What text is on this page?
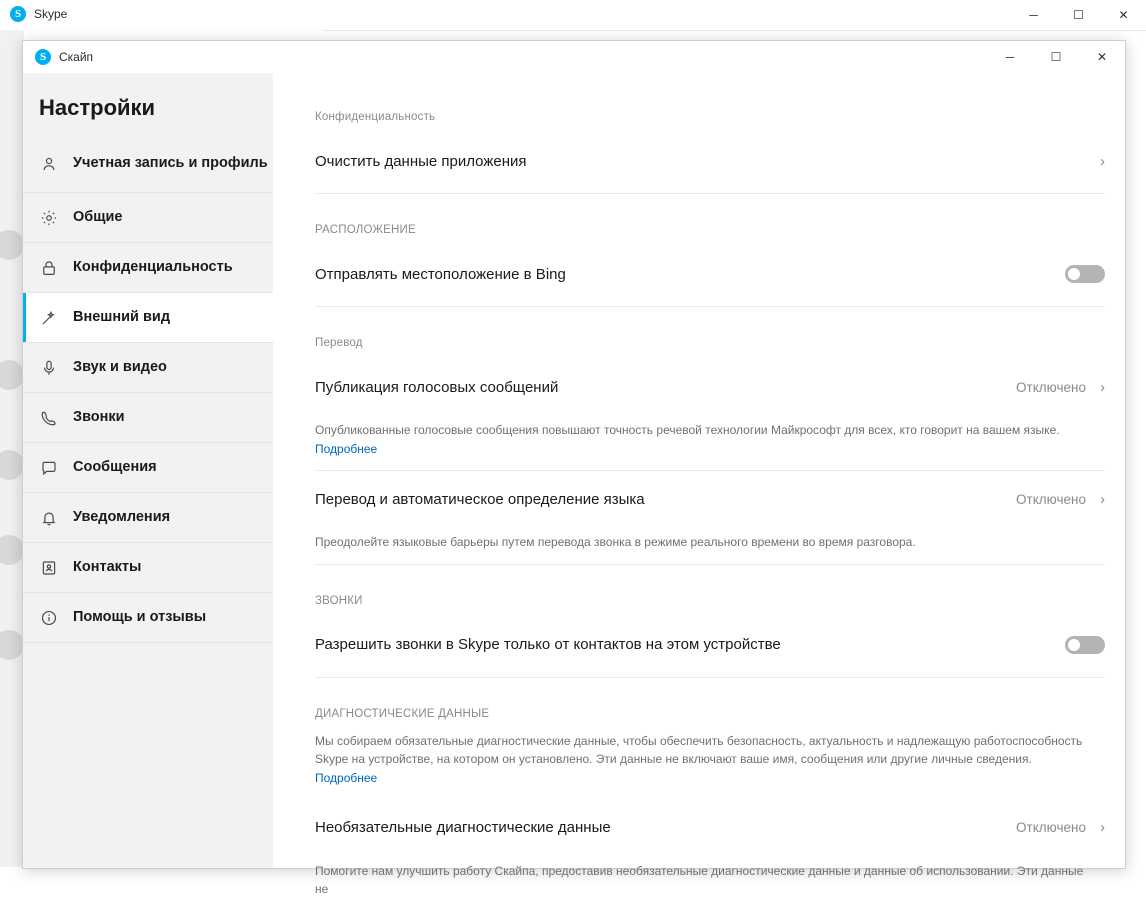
S	Skype	─	☐	✕
S	Скайп	─	☐	✕
Настройки
Учетная запись и профиль
Общие
Конфиденциальность
Внешний вид
Звук и видео
Звонки
Сообщения
Уведомления
Контакты
Помощь и отзывы
Конфиденциальность
Очистить данные приложения	›
РАСПОЛОЖЕНИЕ
Отправлять местоположение в Bing
Перевод
Публикация голосовых сообщений	Отключено ›
Опубликованные голосовые сообщения повышают точность речевой технологии Майкрософт для всех, кто говорит на вашем языке.
Подробнее
Перевод и автоматическое определение языка	Отключено ›
Преодолейте языковые барьеры путем перевода звонка в режиме реального времени во время разговора.
ЗВОНКИ
Разрешить звонки в Skype только от контактов на этом устройстве
ДИАГНОСТИЧЕСКИЕ ДАННЫЕ
Мы собираем обязательные диагностические данные, чтобы обеспечить безопасность, актуальность и надлежащую работоспособность
Skype на устройстве, на котором он установлено. Эти данные не включают ваше имя, сообщения или другие личные сведения. Подробнее
Необязательные диагностические данные	Отключено ›
Помогите нам улучшить работу Скайпа, предоставив необязательные диагностические данные и данные об использовании. Эти данные не
